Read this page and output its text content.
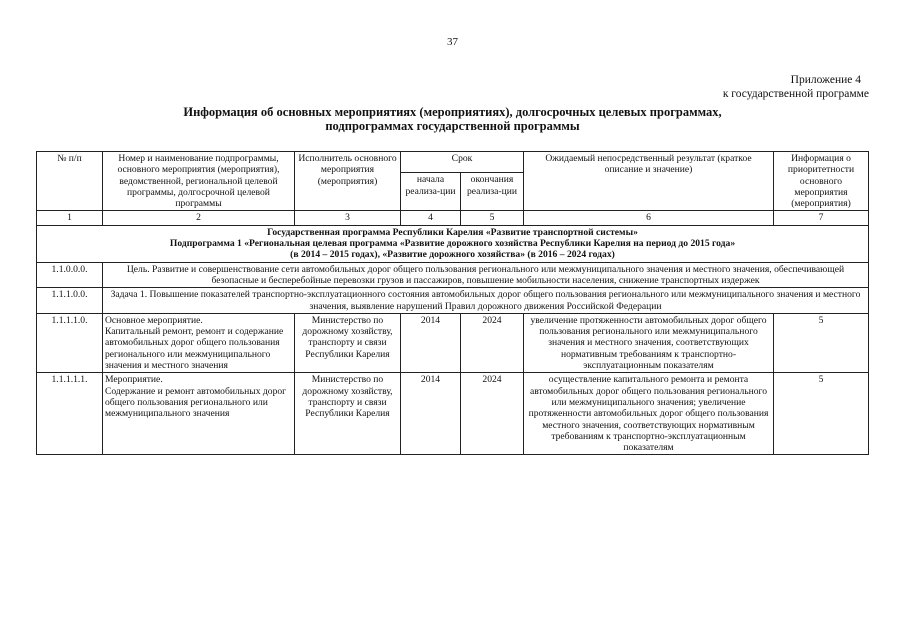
37
Приложение 4
к государственной программе
Информация об основных мероприятиях (мероприятиях), долгосрочных целевых программах,
подпрограммах государственной программы
№ п/п	Номер и наименование подпрограммы, основного мероприятия (мероприятия), ведомственной, региональной целевой программы, долгосрочной целевой программы	Исполнитель основного мероприятия (мероприятия)	Срок		Ожидаемый непосредственный результат (краткое описание и значение)	Информация о приоритетности основного мероприятия (мероприятия)
			начала реализа-ции	окончания реализа-ции		
1	2	3	4	5	6	7

Государственная программа Республики Карелия «Развитие транспортной системы»
Подпрограмма 1 «Региональная целевая программа «Развитие дорожного хозяйства Республики Карелия на период до 2015 года»
(в 2014 – 2015 годах), «Развитие дорожного хозяйства» (в 2016 – 2024 годах)						

1.1.0.0.0.	Цель. Развитие и совершенствование сети автомобильных дорог общего пользования регионального или межмуниципального значения и местного значения, обеспечивающей безопасные и бесперебойные перевозки грузов и пассажиров, повышение мобильности населения, снижение транспортных издержек					
1.1.1.0.0.	Задача 1. Повышение показателей транспортно-эксплуатационного состояния автомобильных дорог общего пользования регионального или межмуниципального значения и местного значения, выявление нарушений Правил дорожного движения Российской Федерации					
1.1.1.1.0.	Основное мероприятие.
Капитальный ремонт, ремонт и содержание автомобильных дорог общего пользования регионального или межмуниципального значения и местного значения	Министерство по дорожному хозяйству, транспорту и связи Республики Карелия	2014	2024	увеличение протяженности автомобильных дорог общего пользования регионального или межмуниципального значения и местного значения, соответствующих нормативным требованиям к транспортно-эксплуатационным показателям	5
1.1.1.1.1.	Мероприятие.
Содержание и ремонт автомобильных дорог общего пользования регионального или межмуниципального значения	Министерство по дорожному хозяйству, транспорту и связи Республики Карелия	2014	2024	осуществление капитального ремонта и ремонта автомобильных дорог общего пользования регионального или межмуниципального значения; увеличение протяженности автомобильных дорог общего пользования местного значения, соответствующих нормативным требованиям к транспортно-эксплуатационным показателям	5
